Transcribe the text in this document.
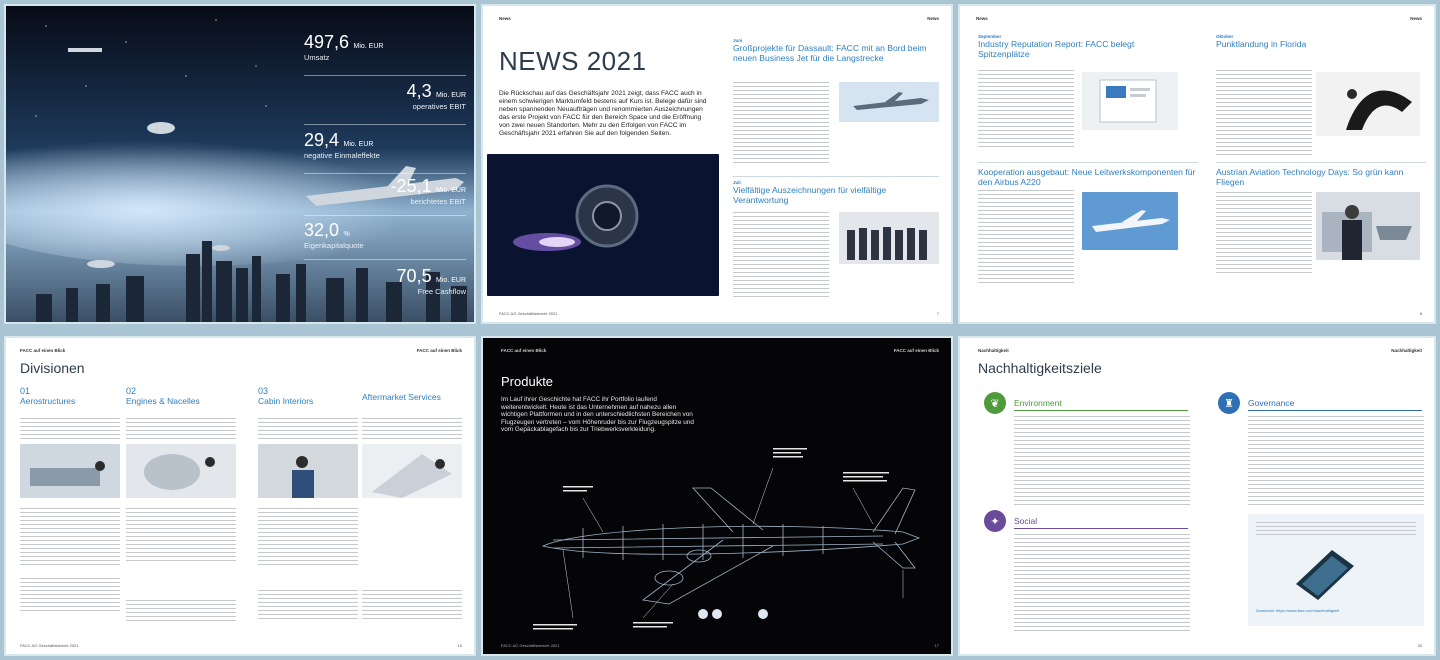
497,6 Mio. EUR
Umsatz
4,3 Mio. EUR
operatives EBIT
29,4 Mio. EUR
negative Einmaleffekte
-25,1 Mio. EUR
berichtetes EBIT
32,0 %
Eigenkapitalquote
70,5 Mio. EUR
Free Cashflow
News	News
NEWS 2021
Die Rückschau auf das Geschäftsjahr 2021 zeigt, dass FACC auch in einem schwierigen Marktumfeld bestens auf Kurs ist. Belege dafür sind neben spannenden Neuaufträgen und renommierten Auszeichnungen das erste Projekt von FACC für den Bereich Space und die Eröffnung von zwei neuen Standorten. Mehr zu den Erfolgen von FACC im Geschäftsjahr 2021 erfahren Sie auf den folgenden Seiten.
Juni
Großprojekte für Dassault: FACC mit an Bord beim neuen Business Jet für die Langstrecke
Juli
Vielfältige Auszeichnungen für vielfältige Verantwortung
FACC AG Geschäftsbericht 2021	7
News	News
September
Industry Reputation Report: FACC belegt Spitzenplätze
Oktober
Punktlandung in Florida
Kooperation ausgebaut: Neue Leitwerkskomponenten für den Airbus A220
Austrian Aviation Technology Days: So grün kann Fliegen
8
FACC auf einen Blick	FACC auf einen Blick
Divisionen
01
Aerostructures
02
Engines & Nacelles
03
Cabin Interiors	Aftermarket Services
FACC AG Geschäftsbericht 2021	15
FACC auf einen Blick	FACC auf einen Blick
Produkte
Im Lauf ihrer Geschichte hat FACC ihr Portfolio laufend weiterentwickelt. Heute ist das Unternehmen auf nahezu allen wichtigen Plattformen und in den unterschiedlichsten Bereichen von Flugzeugen vertreten – vom Höhenruder bis zur Flugzeugspitze und vom Gepäckablagefach bis zur Triebwerksverkleidung.
FACC AG Geschäftsbericht 2021	17
Nachhaltigkeit	Nachhaltigkeit
Nachhaltigkeitsziele
❦	Environment
✦	Social
♜	Governance
Download: https://www.facc.com/nachhaltigkeit
33
